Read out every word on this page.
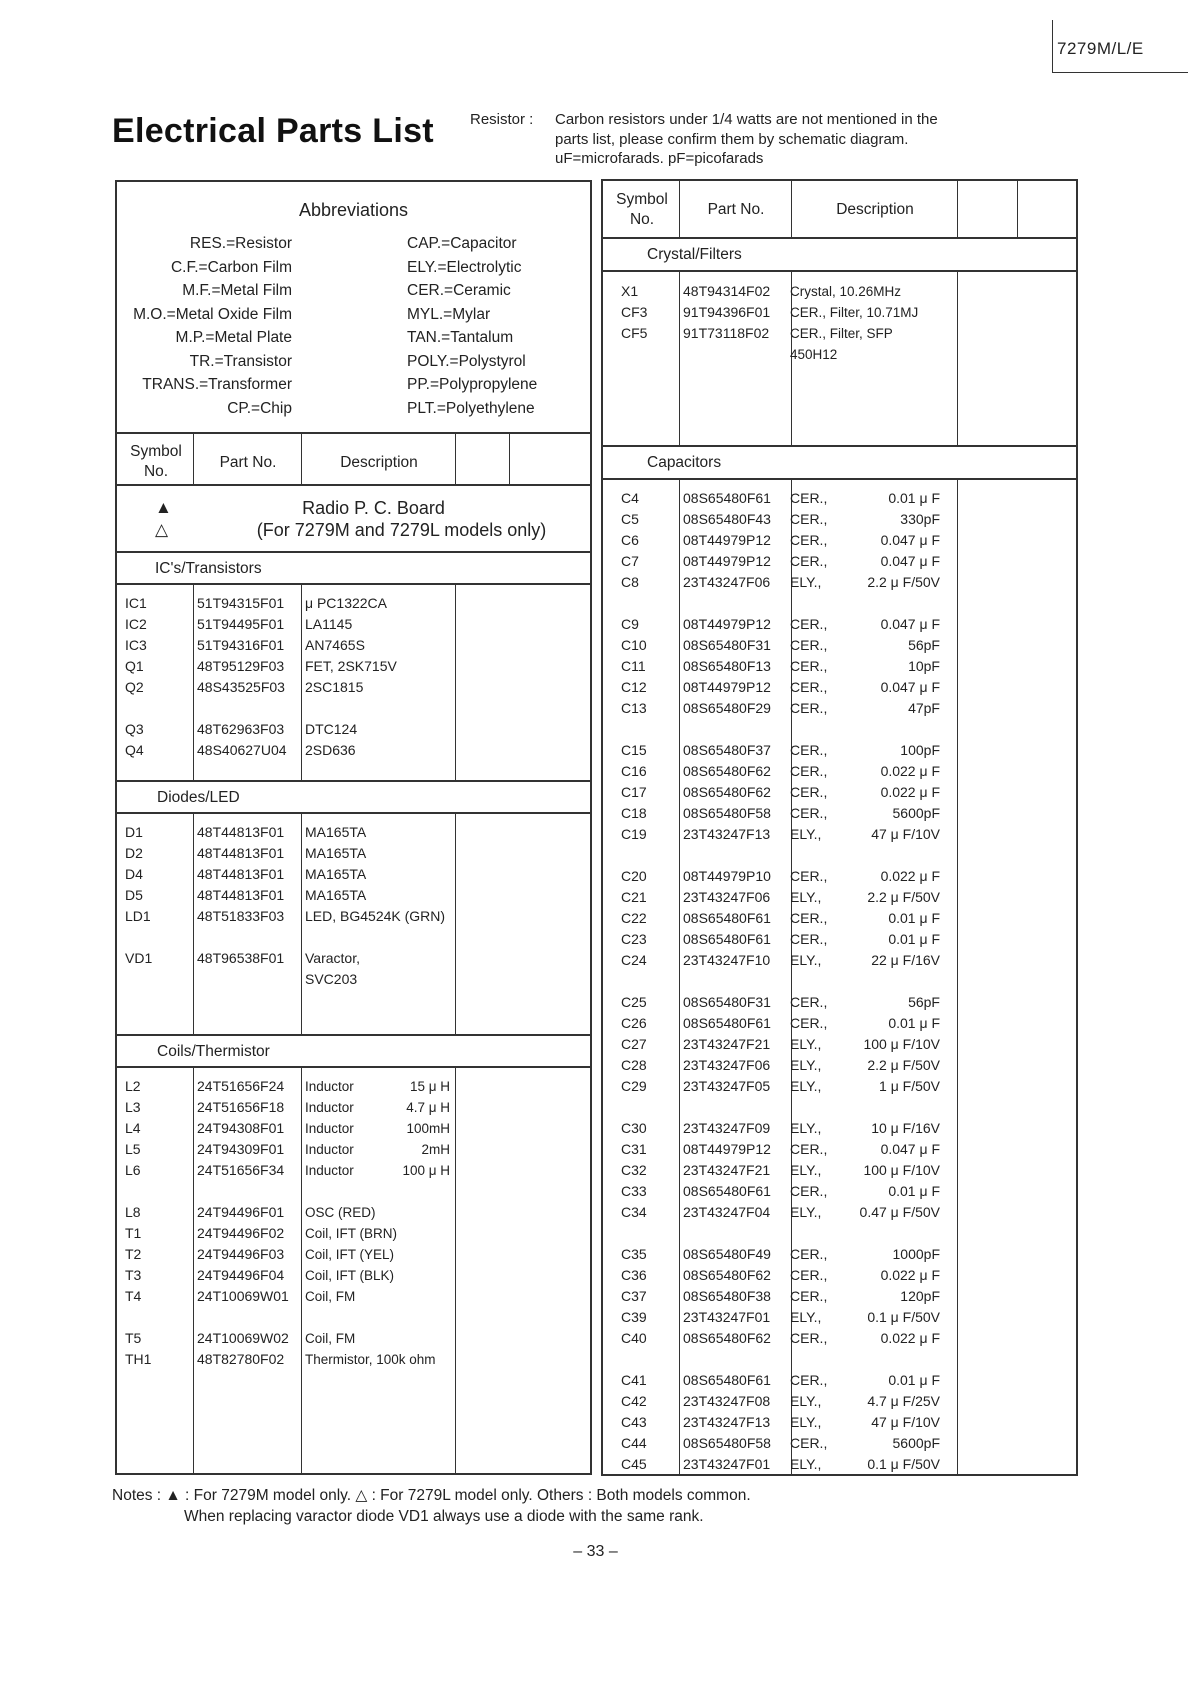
7279M/L/E
Electrical Parts List Resistor : Carbon resistors under 1/4 watts are not mentioned in the
parts list, please confirm them by schematic diagram.
uF=microfarads. pF=picofarads
Abbreviations
RES.=Resistor
C.F.=Carbon Film
M.F.=Metal Film
M.O.=Metal Oxide Film
M.P.=Metal Plate
TR.=Transistor
TRANS.=Transformer
CP.=Chip
CAP.=Capacitor
ELY.=Electrolytic
CER.=Ceramic
MYL.=Mylar
TAN.=Tantalum
POLY.=Polystyrol
PP.=Polypropylene
PLT.=Polyethylene
Symbol
No.
Part No.	Description
▲
△
Radio P. C. Board
(For 7279M and 7279L models only)
IC's/Transistors
Diodes/LED
Coils/Thermistor
IC1	51T94315F01 μ PC1322CA
IC2	51T94495F01 LA1145
IC3	51T94316F01 AN7465S
Q1	48T95129F03 FET, 2SK715V
Q2	48S43525F03 2SC1815
Q3	48T62963F03 DTC124
Q4	48S40627U04 2SD636
D1	48T44813F01 MA165TA
D2	48T44813F01 MA165TA
D4	48T44813F01 MA165TA
D5	48T44813F01 MA165TA
LD1	48T51833F03 LED, BG4524K (GRN)
VD1	48T96538F01 Varactor,
SVC203
L2	24T51656F24 Inductor	15 μ H
L3	24T51656F18 Inductor	4.7 μ H
L4	24T94308F01 Inductor	100mH
L5	24T94309F01 Inductor	2mH
L6	24T51656F34 Inductor	100 μ H
L8	24T94496F01 OSC (RED)
T1	24T94496F02 Coil, IFT (BRN)
T2	24T94496F03 Coil, IFT (YEL)
T3	24T94496F04 Coil, IFT (BLK)
T4	24T10069W01 Coil, FM
T5	24T10069W02 Coil, FM
TH1	48T82780F02 Thermistor, 100k ohm
Symbol
No.
Part No.	Description
Crystal/Filters
Capacitors
X1	48T94314F02 Crystal, 10.26MHz
CF3	91T94396F01 CER., Filter, 10.71MJ
CF5	91T73118F02 CER., Filter, SFP
450H12
C4	08S65480F61 CER.,	0.01 μ F
C5	08S65480F43 CER.,	330pF
C6	08T44979P12 CER.,	0.047 μ F
C7	08T44979P12 CER.,	0.047 μ F
C8	23T43247F06 ELY.,	2.2 μ F/50V
C9	08T44979P12 CER.,	0.047 μ F
C10	08S65480F31 CER.,	56pF
C11	08S65480F13 CER.,	10pF
C12	08T44979P12 CER.,	0.047 μ F
C13	08S65480F29 CER.,	47pF
C15	08S65480F37 CER.,	100pF
C16	08S65480F62 CER.,	0.022 μ F
C17	08S65480F62 CER.,	0.022 μ F
C18	08S65480F58 CER.,	5600pF
C19	23T43247F13 ELY.,	47 μ F/10V
C20	08T44979P10 CER.,	0.022 μ F
C21	23T43247F06 ELY.,	2.2 μ F/50V
C22	08S65480F61 CER.,	0.01 μ F
C23	08S65480F61 CER.,	0.01 μ F
C24	23T43247F10 ELY.,	22 μ F/16V
C25	08S65480F31 CER.,	56pF
C26	08S65480F61 CER.,	0.01 μ F
C27	23T43247F21 ELY.,	100 μ F/10V
C28	23T43247F06 ELY.,	2.2 μ F/50V
C29	23T43247F05 ELY.,	1 μ F/50V
C30	23T43247F09 ELY.,	10 μ F/16V
C31	08T44979P12 CER.,	0.047 μ F
C32	23T43247F21 ELY.,	100 μ F/10V
C33	08S65480F61 CER.,	0.01 μ F
C34	23T43247F04 ELY.,	0.47 μ F/50V
C35	08S65480F49 CER.,	1000pF
C36	08S65480F62 CER.,	0.022 μ F
C37	08S65480F38 CER.,	120pF
C39	23T43247F01 ELY.,	0.1 μ F/50V
C40	08S65480F62 CER.,	0.022 μ F
C41	08S65480F61 CER.,	0.01 μ F
C42	23T43247F08 ELY.,	4.7 μ F/25V
C43	23T43247F13 ELY.,	47 μ F/10V
C44	08S65480F58 CER.,	5600pF
C45	23T43247F01 ELY.,	0.1 μ F/50V
Notes : ▲ : For 7279M model only. △ : For 7279L model only. Others : Both models common.
When replacing varactor diode VD1 always use a diode with the same rank.
– 33 –
